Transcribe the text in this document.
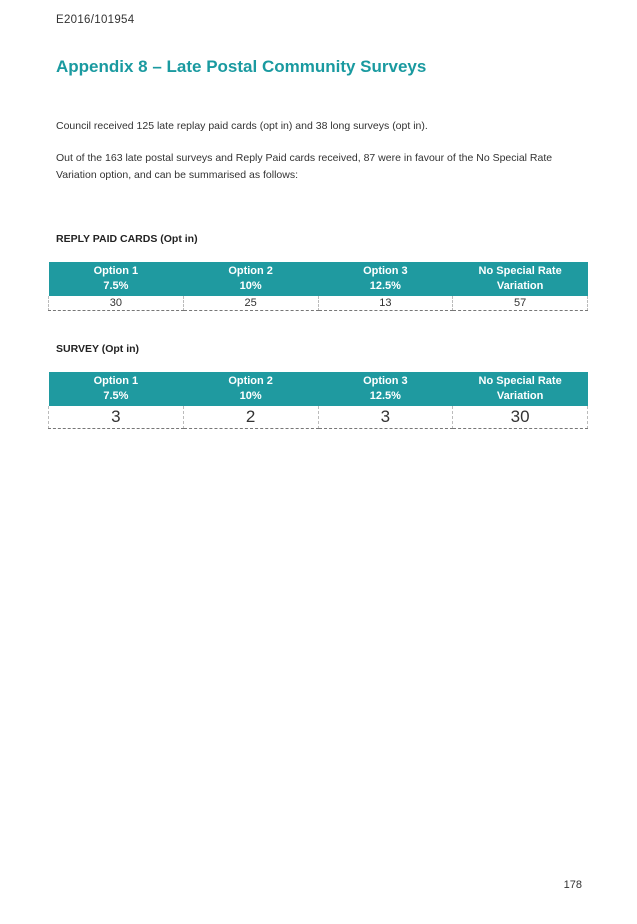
E2016/101954
Appendix 8 – Late Postal Community Surveys

Council received 125 late replay paid cards (opt in) and 38 long surveys (opt in).

Out of the 163 late postal surveys and Reply Paid cards received, 87 were in favour of the No Special Rate Variation option, and can be summarised as follows:

REPLY PAID CARDS (Opt in)
Option 1
7.5%	Option 2
10%	Option 3
12.5%	No Special Rate
Variation

30	25	13	57
SURVEY (Opt in)
Option 1
7.5%	Option 2
10%	Option 3
12.5%	No Special Rate
Variation

3	2	3	30
178
